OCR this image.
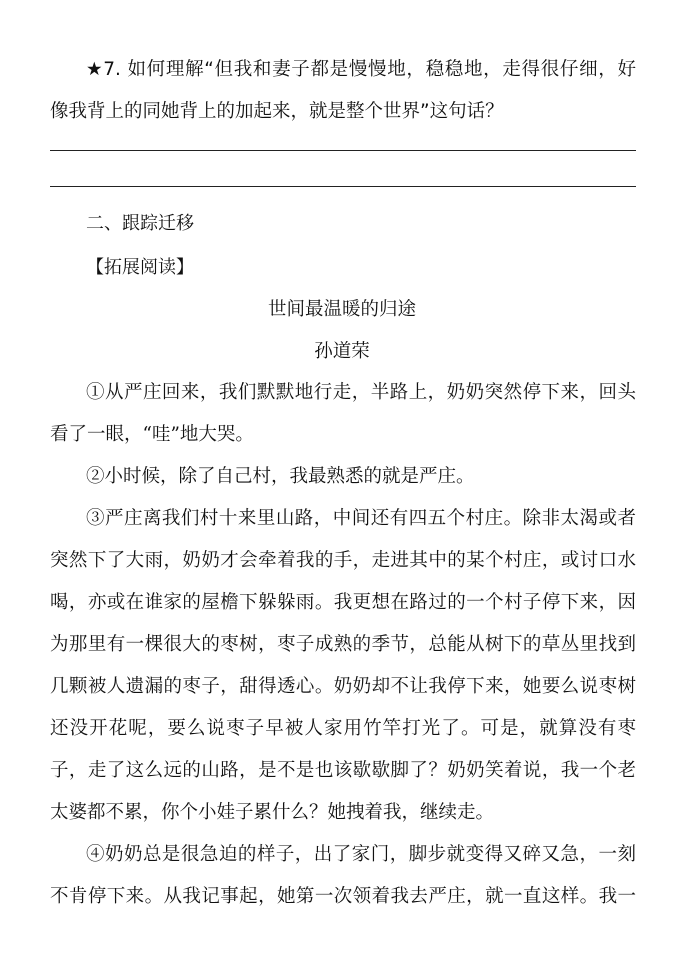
★7. 如何理解“但我和妻子都是慢慢地，稳稳地，走得很仔细，好
像我背上的同她背上的加起来，就是整个世界”这句话？
二、跟踪迁移
【拓展阅读】
世间最温暖的归途
孙道荣
①从严庄回来，我们默默地行走，半路上，奶奶突然停下来，回头
看了一眼，“哇”地大哭。
②小时候，除了自己村，我最熟悉的就是严庄。
③严庄离我们村十来里山路，中间还有四五个村庄。除非太渴或者
突然下了大雨，奶奶才会牵着我的手，走进其中的某个村庄，或讨口水
喝，亦或在谁家的屋檐下躲躲雨。我更想在路过的一个村子停下来，因
为那里有一棵很大的枣树，枣子成熟的季节，总能从树下的草丛里找到
几颗被人遗漏的枣子，甜得透心。奶奶却不让我停下来，她要么说枣树
还没开花呢，要么说枣子早被人家用竹竿打光了。可是，就算没有枣
子，走了这么远的山路，是不是也该歇歇脚了？奶奶笑着说，我一个老
太婆都不累，你个小娃子累什么？她拽着我，继续走。
④奶奶总是很急迫的样子，出了家门，脚步就变得又碎又急，一刻
不肯停下来。从我记事起，她第一次领着我去严庄，就一直这样。我一
